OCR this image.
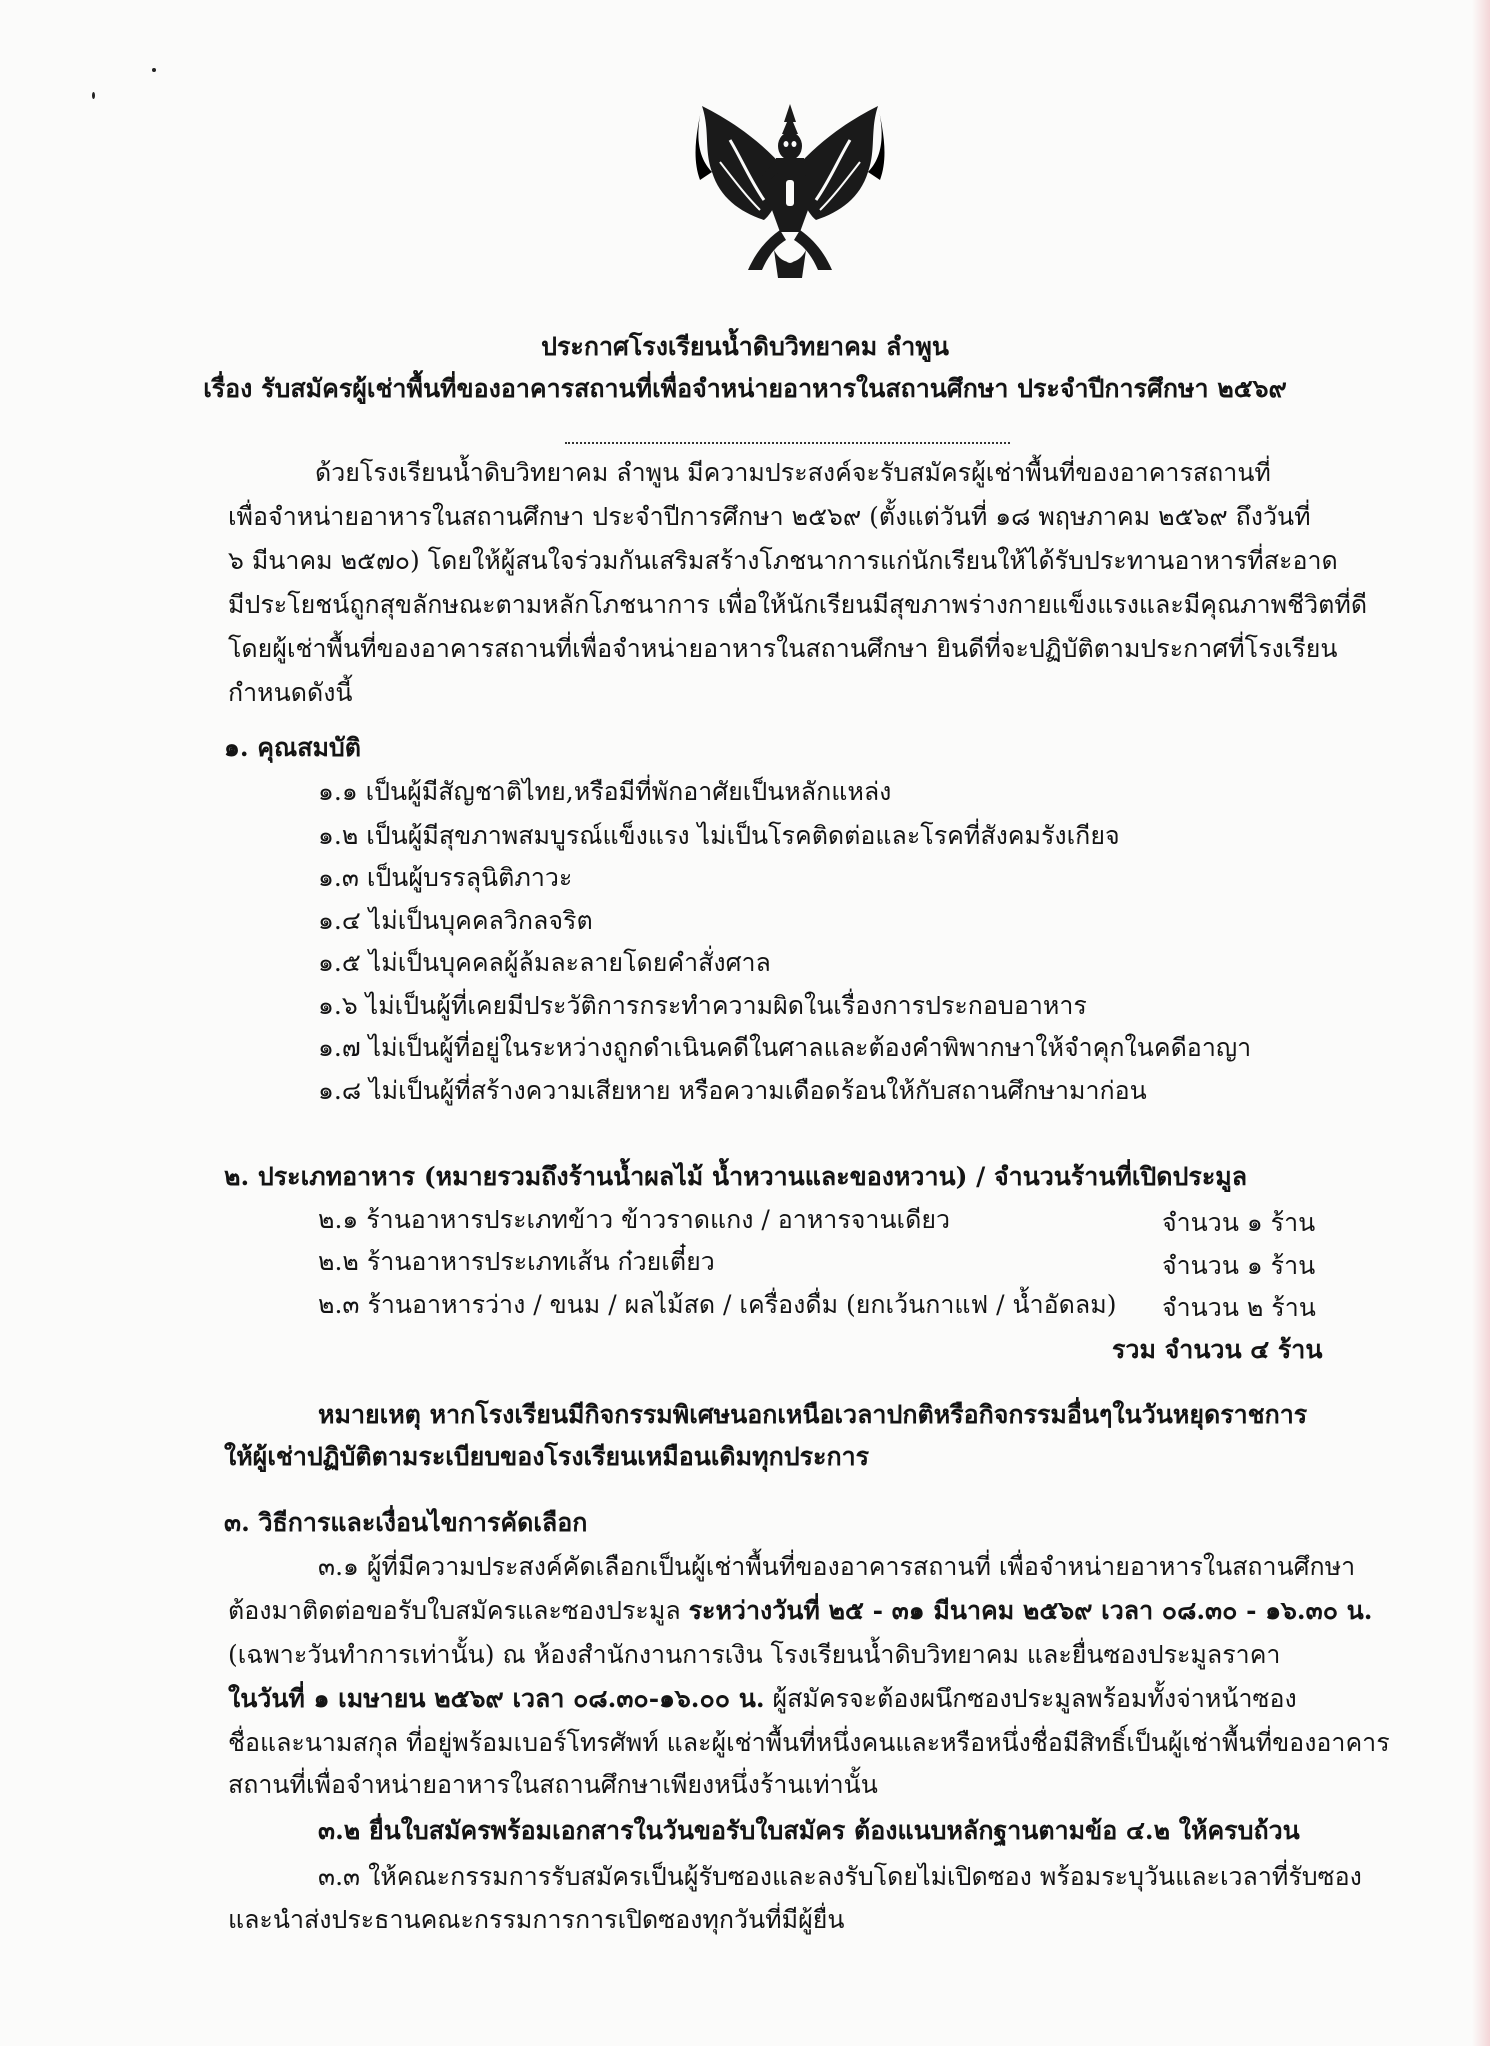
ประกาศโรงเรียนน้ำดิบวิทยาคม ลำพูน
เรื่อง รับสมัครผู้เช่าพื้นที่ของอาคารสถานที่เพื่อจำหน่ายอาหารในสถานศึกษา ประจำปีการศึกษา ๒๕๖๙
ด้วยโรงเรียนน้ำดิบวิทยาคม ลำพูน มีความประสงค์จะรับสมัครผู้เช่าพื้นที่ของอาคารสถานที่
เพื่อจำหน่ายอาหารในสถานศึกษา ประจำปีการศึกษา ๒๕๖๙ (ตั้งแต่วันที่ ๑๘ พฤษภาคม ๒๕๖๙ ถึงวันที่
๖ มีนาคม ๒๕๗๐) โดยให้ผู้สนใจร่วมกันเสริมสร้างโภชนาการแก่นักเรียนให้ได้รับประทานอาหารที่สะอาด
มีประโยชน์ถูกสุขลักษณะตามหลักโภชนาการ เพื่อให้นักเรียนมีสุขภาพร่างกายแข็งแรงและมีคุณภาพชีวิตที่ดี
โดยผู้เช่าพื้นที่ของอาคารสถานที่เพื่อจำหน่ายอาหารในสถานศึกษา ยินดีที่จะปฏิบัติตามประกาศที่โรงเรียน
กำหนดดังนี้
๑. คุณสมบัติ
๑.๑ เป็นผู้มีสัญชาติไทย,หรือมีที่พักอาศัยเป็นหลักแหล่ง
๑.๒ เป็นผู้มีสุขภาพสมบูรณ์แข็งแรง ไม่เป็นโรคติดต่อและโรคที่สังคมรังเกียจ
๑.๓ เป็นผู้บรรลุนิติภาวะ
๑.๔ ไม่เป็นบุคคลวิกลจริต
๑.๕ ไม่เป็นบุคคลผู้ล้มละลายโดยคำสั่งศาล
๑.๖ ไม่เป็นผู้ที่เคยมีประวัติการกระทำความผิดในเรื่องการประกอบอาหาร
๑.๗ ไม่เป็นผู้ที่อยู่ในระหว่างถูกดำเนินคดีในศาลและต้องคำพิพากษาให้จำคุกในคดีอาญา
๑.๘ ไม่เป็นผู้ที่สร้างความเสียหาย หรือความเดือดร้อนให้กับสถานศึกษามาก่อน
๒. ประเภทอาหาร (หมายรวมถึงร้านน้ำผลไม้ น้ำหวานและของหวาน) / จำนวนร้านที่เปิดประมูล
๒.๑ ร้านอาหารประเภทข้าว ข้าวราดแกง / อาหารจานเดียว	จำนวน ๑ ร้าน
๒.๒ ร้านอาหารประเภทเส้น ก๋วยเตี๋ยว	จำนวน ๑ ร้าน
๒.๓ ร้านอาหารว่าง / ขนม / ผลไม้สด / เครื่องดื่ม (ยกเว้นกาแฟ / น้ำอัดลม) จำนวน ๒ ร้าน
รวม จำนวน ๔ ร้าน
หมายเหตุ หากโรงเรียนมีกิจกรรมพิเศษนอกเหนือเวลาปกติหรือกิจกรรมอื่นๆในวันหยุดราชการ
ให้ผู้เช่าปฏิบัติตามระเบียบของโรงเรียนเหมือนเดิมทุกประการ
๓. วิธีการและเงื่อนไขการคัดเลือก
๓.๑ ผู้ที่มีความประสงค์คัดเลือกเป็นผู้เช่าพื้นที่ของอาคารสถานที่ เพื่อจำหน่ายอาหารในสถานศึกษา
ต้องมาติดต่อขอรับใบสมัครและซองประมูล ระหว่างวันที่ ๒๕ - ๓๑ มีนาคม ๒๕๖๙ เวลา ๐๘.๓๐ - ๑๖.๓๐ น.
(เฉพาะวันทำการเท่านั้น) ณ ห้องสำนักงานการเงิน โรงเรียนน้ำดิบวิทยาคม และยื่นซองประมูลราคา
ในวันที่ ๑ เมษายน ๒๕๖๙ เวลา ๐๘.๓๐-๑๖.๐๐ น. ผู้สมัครจะต้องผนึกซองประมูลพร้อมทั้งจ่าหน้าซอง
ชื่อและนามสกุล ที่อยู่พร้อมเบอร์โทรศัพท์ และผู้เช่าพื้นที่หนึ่งคนและหรือหนึ่งชื่อมีสิทธิ์เป็นผู้เช่าพื้นที่ของอาคาร
สถานที่เพื่อจำหน่ายอาหารในสถานศึกษาเพียงหนึ่งร้านเท่านั้น
๓.๒ ยื่นใบสมัครพร้อมเอกสารในวันขอรับใบสมัคร ต้องแนบหลักฐานตามข้อ ๔.๒ ให้ครบถ้วน
๓.๓ ให้คณะกรรมการรับสมัครเป็นผู้รับซองและลงรับโดยไม่เปิดซอง พร้อมระบุวันและเวลาที่รับซอง
และนำส่งประธานคณะกรรมการการเปิดซองทุกวันที่มีผู้ยื่น
